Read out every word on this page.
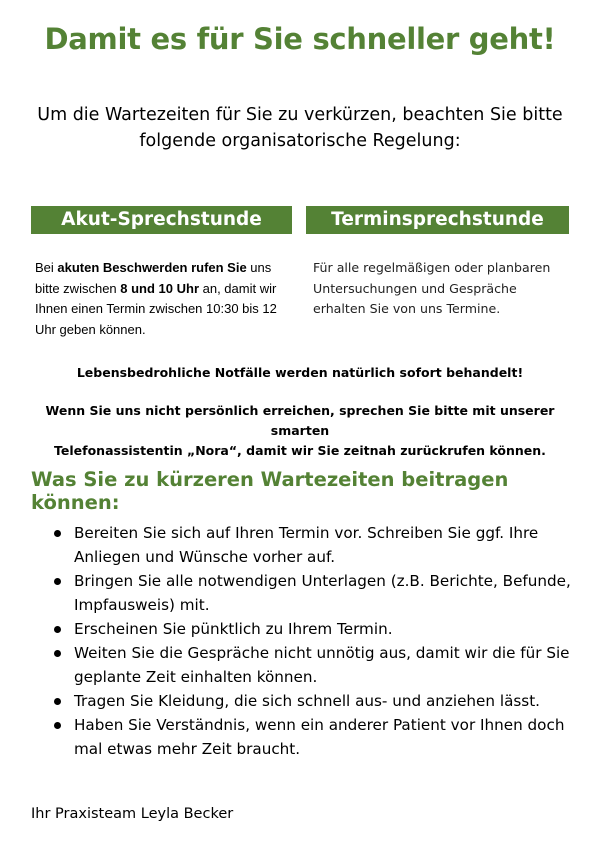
Damit es für Sie schneller geht!
Um die Wartezeiten für Sie zu verkürzen, beachten Sie bitte
folgende organisatorische Regelung:
Akut-Sprechstunde	Terminsprechstunde
Bei akuten Beschwerden rufen Sie uns bitte zwischen 8 und 10 Uhr an, damit wir Ihnen einen Termin zwischen 10:30 bis 12 Uhr geben können.
Für alle regelmäßigen oder planbaren Untersuchungen und Gespräche erhalten Sie von uns Termine.
Lebensbedrohliche Notfälle werden natürlich sofort behandelt!
Wenn Sie uns nicht persönlich erreichen, sprechen Sie bitte mit unserer smarten
Telefonassistentin „Nora“, damit wir Sie zeitnah zurückrufen können.
Was Sie zu kürzeren Wartezeiten beitragen können:
Bereiten Sie sich auf Ihren Termin vor. Schreiben Sie ggf. Ihre Anliegen und Wünsche vorher auf.
Bringen Sie alle notwendigen Unterlagen (z.B. Berichte, Befunde, Impfausweis) mit.
Erscheinen Sie pünktlich zu Ihrem Termin.
Weiten Sie die Gespräche nicht unnötig aus, damit wir die für Sie geplante Zeit einhalten können.
Tragen Sie Kleidung, die sich schnell aus- und anziehen lässt.
Haben Sie Verständnis, wenn ein anderer Patient vor Ihnen doch mal etwas mehr Zeit braucht.
Ihr Praxisteam Leyla Becker
